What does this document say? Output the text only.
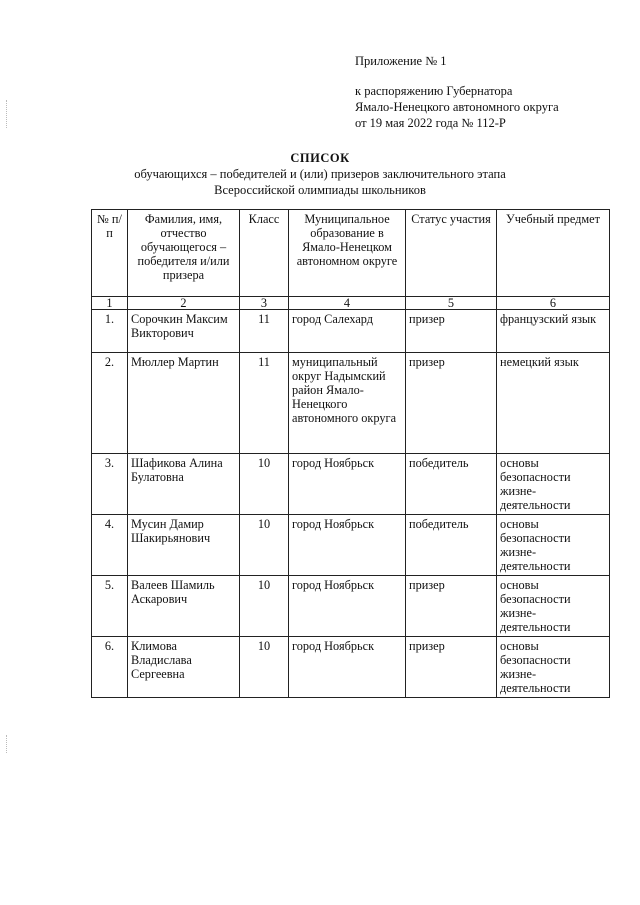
Приложение № 1
к распоряжению Губернатора
Ямало-Ненецкого автономного округа
от 19 мая 2022 года № 112-Р
СПИСОК
обучающихся – победителей и (или) призеров заключительного этапа
Всероссийской олимпиады школьников
№ п/п	Фамилия, имя, отчество обучающегося – победителя и/или призера	Класс	Муниципальное образование в Ямало-Ненецком автономном округе	Статус участия	Учебный предмет
1	2	3	4	5	6
1.	Сорочкин Максим Викторович	11	город Салехард	призер	французский язык
2.	Мюллер Мартин	11	муниципальный округ Надымский район Ямало-Ненецкого автономного округа	призер	немецкий язык
3.	Шафикова Алина Булатовна	10	город Ноябрьск	победитель	основы безопасности жизне-деятельности
4.	Мусин Дамир Шакирьянович	10	город Ноябрьск	победитель	основы безопасности жизне-деятельности
5.	Валеев Шамиль Аскарович	10	город Ноябрьск	призер	основы безопасности жизне-деятельности
6.	Климова Владислава Сергеевна	10	город Ноябрьск	призер	основы безопасности жизне-деятельности
